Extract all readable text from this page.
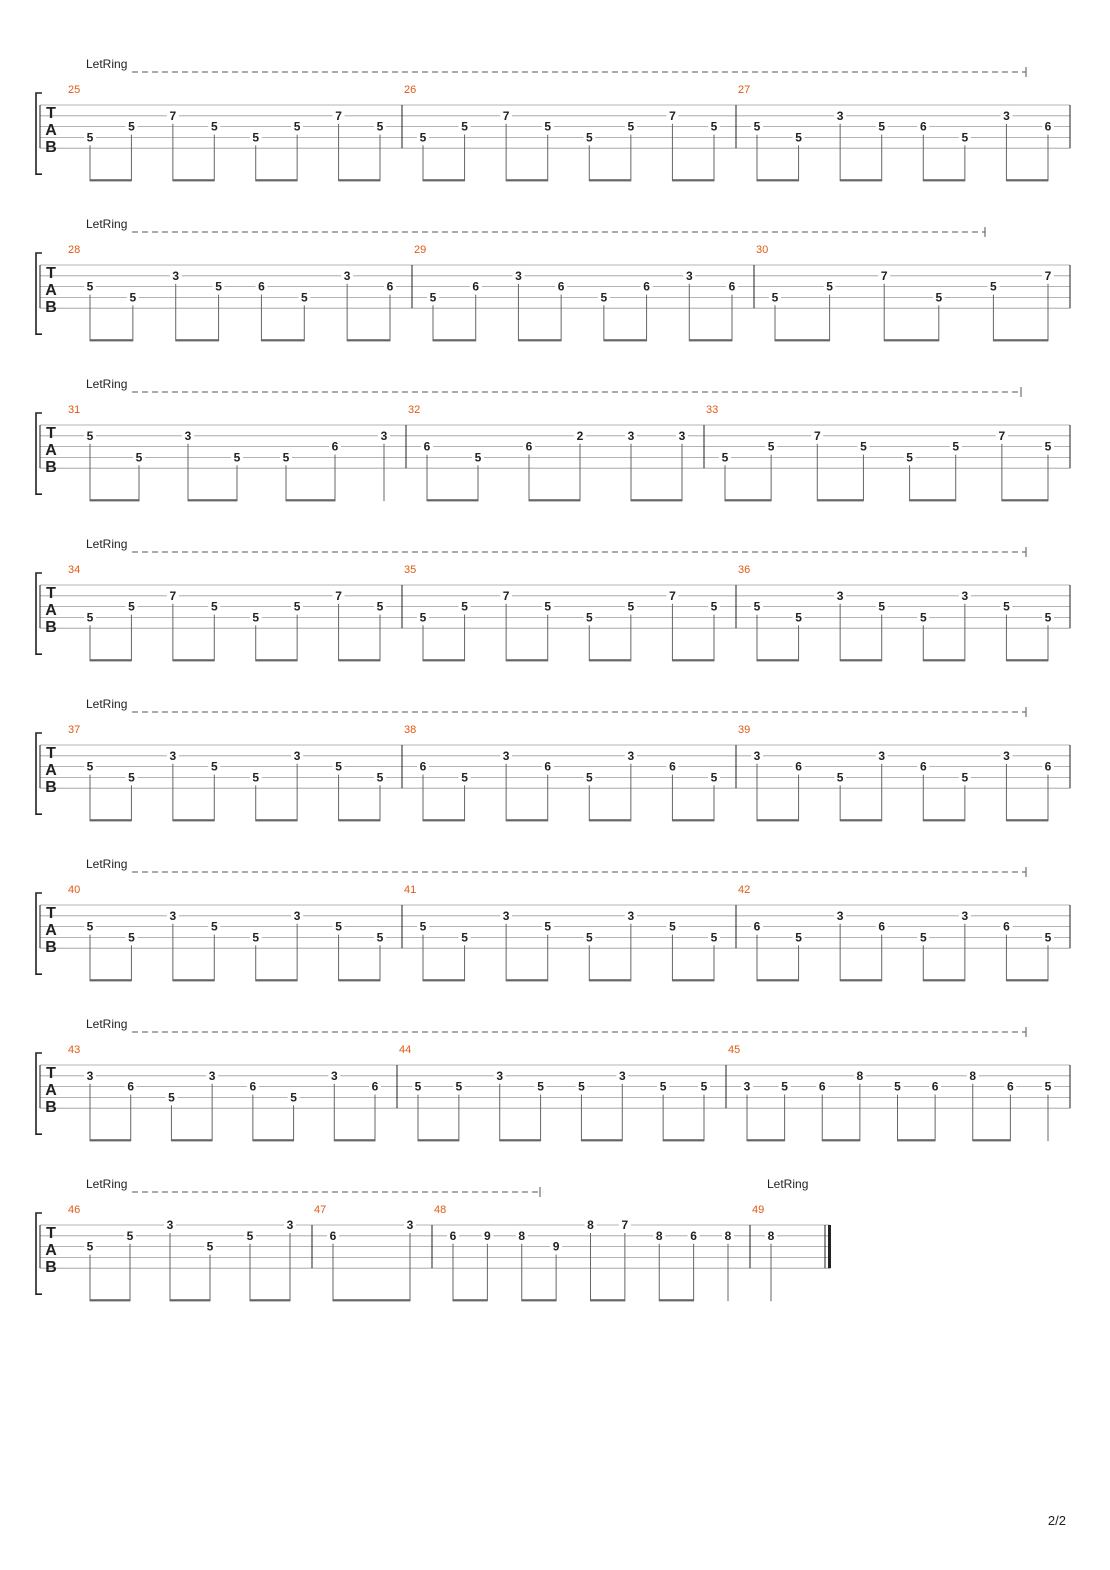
LetRing
T
A
B
25
5
5
7
5
5
5
7
5
26
5
5
7
5
5
5
7
5
27
5
5
3
5	6
5
3
6
LetRing
T
A
B
28
5
5
3
5	6
5
3
6
29
5
6
3
6
5
6
3
6
30
5
5
7
5
5
7
LetRing
T
A
B
31
5
5
3
5	5
6
3
32
6
5
6
2	3	3
33
5
5
7
5
5
5
7
5
LetRing
T
A
B
34
5
5
7
5
5
5
7
5
35
5
5
7
5
5
5
7
5
36
5
5
3
5
5
3
5
5
LetRing
T
A
B
37
5
5
3
5
5
3
5
5
38
6
5
3
6
5
3
6
5
39
3
6
5
3
6
5
3
6
LetRing
T
A
B
40
5
5
3
5
5
3
5
5
41
5
5
3
5
5
3
5
5
42
6
5
3
6
5
3
6
5
LetRing
T
A
B
43
3
6
5
3
6
5
3
6
44
5	5
3
5	5
3
5	5
45
3	5	6
8
5	6
8
6	5
LetRing	LetRing
T
A
B
46
5
5
3
5
5
3
47
6
3
48
6 9 8
9
8 7
8 6 8
49
8
2/2
